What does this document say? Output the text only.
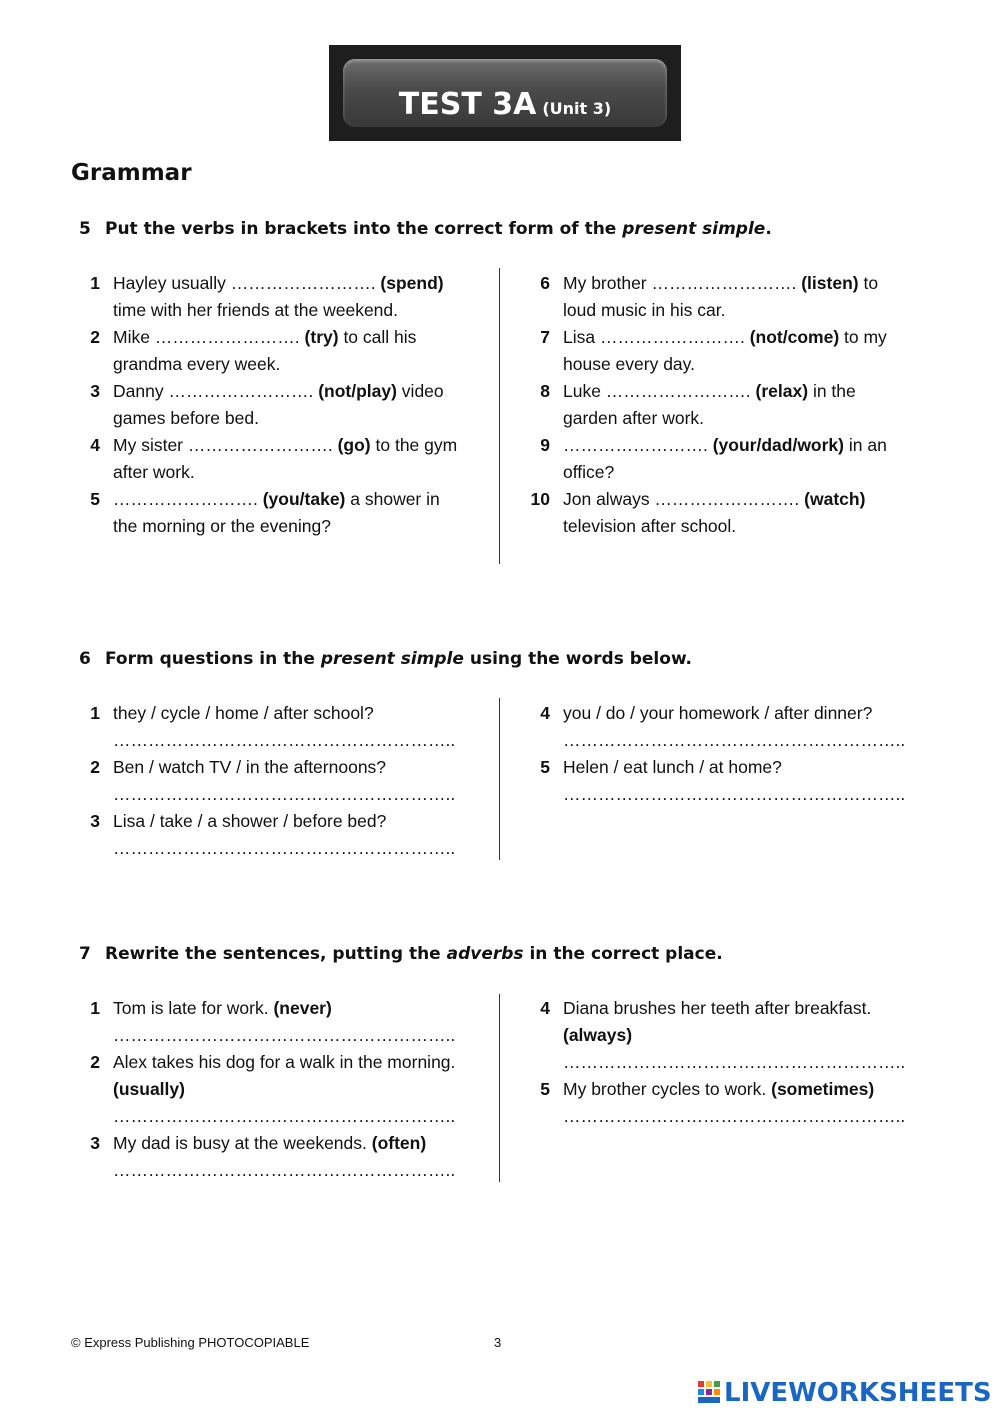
TEST 3A (Unit 3)
Grammar
5 Put the verbs in brackets into the correct form of the present simple.
1 Hayley usually ……………………. (spend)
time with her friends at the weekend.
2 Mike ……………………. (try) to call his
grandma every week.
3 Danny ……………………. (not/play) video
games before bed.
4 My sister ……………………. (go) to the gym
after work.
5 ……………………. (you/take) a shower in
the morning or the evening?
6 My brother ……………………. (listen) to
loud music in his car.
7 Lisa ……………………. (not/come) to my
house every day.
8 Luke ……………………. (relax) in the
garden after work.
9 ……………………. (your/dad/work) in an
office?
10 Jon always ……………………. (watch)
television after school.
6 Form questions in the present simple using the words below.
1 they / cycle / home / after school?
…………………………………………………..
2 Ben / watch TV / in the afternoons?
…………………………………………………..
3 Lisa / take / a shower / before bed?
…………………………………………………..
4 you / do / your homework / after dinner?
…………………………………………………..
5 Helen / eat lunch / at home?
…………………………………………………..
7 Rewrite the sentences, putting the adverbs in the correct place.
1 Tom is late for work. (never)
…………………………………………………..
2 Alex takes his dog for a walk in the morning.
(usually)
…………………………………………………..
3 My dad is busy at the weekends. (often)
…………………………………………………..
4 Diana brushes her teeth after breakfast.
(always)
…………………………………………………..
5 My brother cycles to work. (sometimes)
…………………………………………………..
© Express Publishing PHOTOCOPIABLE	3
LIVEWORKSHEETS
